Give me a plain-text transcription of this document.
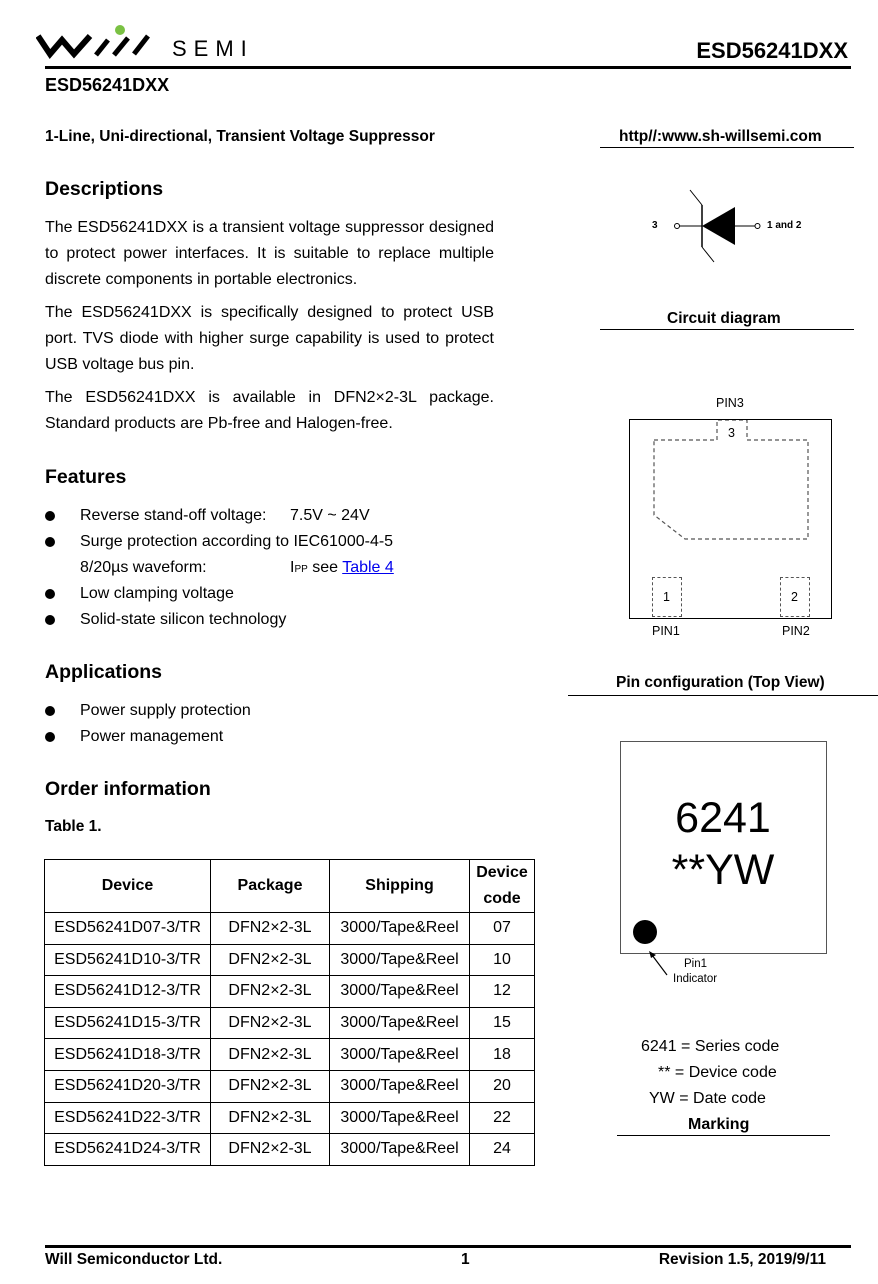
SEMI	ESD56241DXX
ESD56241DXX
1-Line, Uni-directional, Transient Voltage Suppressor	http//:www.sh-willsemi.com
Descriptions
The ESD56241DXX is a transient voltage suppressor designed to protect power interfaces. It is suitable to replace multiple discrete components in portable electronics.
The ESD56241DXX is specifically designed to protect USB port. TVS diode with higher surge capability is used to protect USB voltage bus pin.
The ESD56241DXX is available in DFN2×2-3L package. Standard products are Pb-free and Halogen-free.
Features
Reverse stand-off voltage: 7.5V ~ 24V
Surge protection according to IEC61000-4-5
8/20µs waveform:	IPP see Table 4
Low clamping voltage
Solid-state silicon technology
Applications
Power supply protection
Power management
Order information
Table 1.
Device	Package	Shipping	Device
code
ESD56241D07-3/TR	DFN2×2-3L	3000/Tape&Reel	07
ESD56241D10-3/TR	DFN2×2-3L	3000/Tape&Reel	10
ESD56241D12-3/TR	DFN2×2-3L	3000/Tape&Reel	12
ESD56241D15-3/TR	DFN2×2-3L	3000/Tape&Reel	15
ESD56241D18-3/TR	DFN2×2-3L	3000/Tape&Reel	18
ESD56241D20-3/TR	DFN2×2-3L	3000/Tape&Reel	20
ESD56241D22-3/TR	DFN2×2-3L	3000/Tape&Reel	22
ESD56241D24-3/TR	DFN2×2-3L	3000/Tape&Reel	24
3	1 and 2
Circuit diagram
PIN3
3
1	2
PIN1	PIN2
Pin configuration (Top View)
6241
**YW
Pin1
Indicator
6241 = Series code
** = Device code
YW = Date code
Marking
Will Semiconductor Ltd.	1	Revision 1.5, 2019/9/11
